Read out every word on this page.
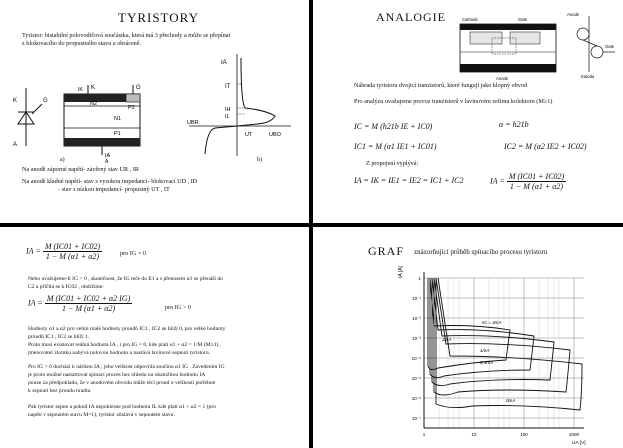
TYRISTORY
Tyristor: bistabilní polovodičová součástka, která má 3 přechody a může se přepínat
z blokovacího do propustného stavu a obráceně.
K	G
A
K	G
N2
P2
N1
P1
IA
IK
A
a)
IA
IT
IH
IL
UBR
UT	UBO
b)
Na anodě záporné napětí- závěrný stav UR , IR
Na anodě kladné napětí- stav s vysokou impedancí- blokovací UD , ID
- stav s nízkou impedancí- propustný UT , IT
ANALOGIE	Cathode	Gate
Anode
Anode
Gate
Katoda
Náhrada tyristoru dvojicí tranzistorů, které fungují jako klopný obvod
Pro analýzu uvažujeme provoz tranzistorů v lavinovém režimu kolektoru (M≥1)
IC = M (h21b IE + IC0)	α = h21b
IC1 = M (α1 IE1 + IC01)	IC2 = M (α2 IE2 + IC02)
Z propojení vyplývá:
IA = IK = IE1 = IE2 = IC1 + IC2	IA = $\frac{M (IC01 + IC02)}{1 - M (\alpha 1 + \alpha 2)}$
IA = $\frac{M (IC01 + IC02)}{1 - M (\alpha 1 + \alpha 2)}$	pro IG = 0
Nebo uvažujeme-li IG > 0 , skutečnost, že IG teče do E1 a s přenosem α1 se přenáší do
C2 a přičítá se k IC02 , obdržíme:
IA = $\frac{M (IC01 + IC02 + \alpha 2 IG)}{1 - M (\alpha 1 + \alpha 2)}$	pro IG > 0
Hodnoty α1 a α2 pro velmi malé hodnoty proudů IC1 , IC2 se blíží 0, pro velké hodnoty
proudů IC1 , IC2 se blíží 1.
Proto musí existovat reálná hodnota IA , i pro IG = 0, kde platí α1 + α2 = 1/M (M≥1),
jmenovatel zlomku nabývá nulovou hodnotu a nastává lavinové sepnutí tyristoru.
Pro IG > 0 dochází k nárůstu IA , jeho velikost odpovídá součinu α1 IG . Zavedením IG
je proto možné nastartovat spínací proces bez ohledu na okamžitou hodnotu IA
pouze za předpokladu, že v anodovém obvodu může téci proud o velikosti potřebné
k sepnutí bez proudu hradla.
Pak tyristor sepne a pokud IA nepoklesne pod hodnotu IL kde platí α1 + α2 = 1 (pro
napětí v sepnutém stavu M=1), tyristor zůstává v sepnutém stavu.
GRAF znázorňující průběh spínacího procesu tyristoru
1
10⁻¹
10⁻²
10⁻³
10⁻⁴
10⁻⁵
10⁻⁶
10⁻⁷
1	10	100	1000
IA [A]
UA [V]
IG = 4mA
2mA
1mA
0,5mA
0mA
